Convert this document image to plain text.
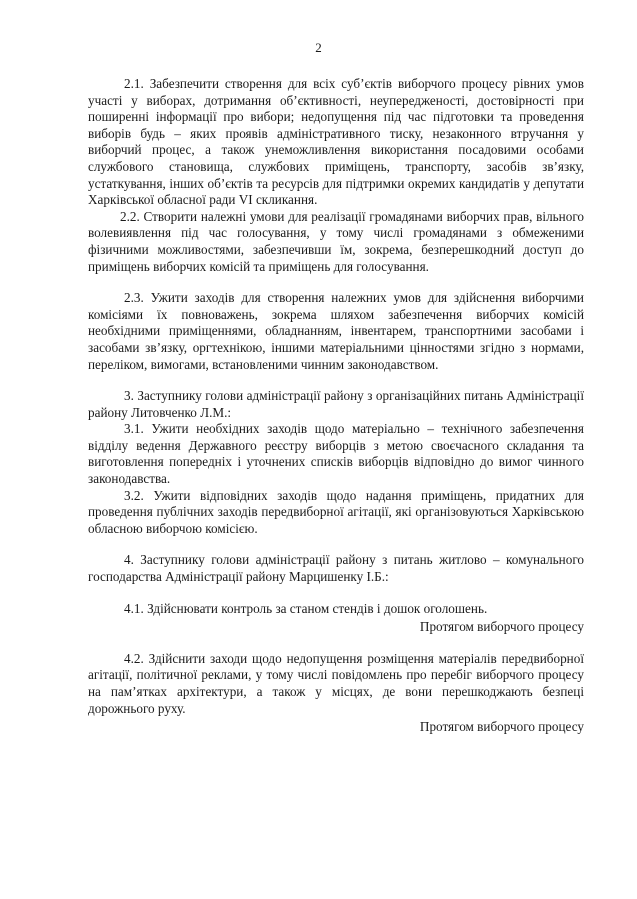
2

2.1. Забезпечити створення для всіх суб’єктів виборчого процесу рівних умов участі у виборах, дотримання об’єктивності, неупередженості, достовірності при поширенні інформації про вибори; недопущення під час підготовки та проведення виборів будь – яких проявів адміністративного тиску, незаконного втручання у виборчий процес, а також унеможливлення використання посадовими особами службового становища, службових приміщень, транспорту, засобів зв’язку, устаткування, інших об’єктів та ресурсів для підтримки окремих кандидатів у депутати Харківської обласної ради VI скликання.

2.2. Створити належні умови для реалізації громадянами виборчих прав, вільного волевиявлення під час голосування, у тому числі громадянами з обмеженими фізичними можливостями, забезпечивши їм, зокрема, безперешкодний доступ до приміщень виборчих комісій та приміщень для голосування.

2.3. Ужити заходів для створення належних умов для здійснення виборчими комісіями їх повноважень, зокрема шляхом забезпечення виборчих комісій необхідними приміщеннями, обладнанням, інвентарем, транспортними засобами і засобами зв’язку, оргтехнікою, іншими матеріальними цінностями згідно з нормами, переліком, вимогами, встановленими чинним законодавством.

3. Заступнику голови адміністрації району з організаційних питань Адміністрації району Литовченко Л.М.:

3.1. Ужити необхідних заходів щодо матеріально – технічного забезпечення відділу ведення Державного реєстру виборців з метою своєчасного складання та виготовлення попередніх і уточнених списків виборців відповідно до вимог чинного законодавства.

3.2. Ужити відповідних заходів щодо надання приміщень, придатних для проведення публічних заходів передвиборної агітації, які організовуються Харківською обласною виборчою комісією.

4. Заступнику голови адміністрації району з питань житлово – комунального господарства Адміністрації району Марцишенку І.Б.:

4.1. Здійснювати контроль за станом стендів і дошок оголошень.

Протягом виборчого процесу

4.2. Здійснити заходи щодо недопущення розміщення матеріалів передвиборної агітації, політичної реклами, у тому числі повідомлень про перебіг виборчого процесу на пам’ятках архітектури, а також у місцях, де вони перешкоджають безпеці дорожнього руху.

Протягом виборчого процесу
